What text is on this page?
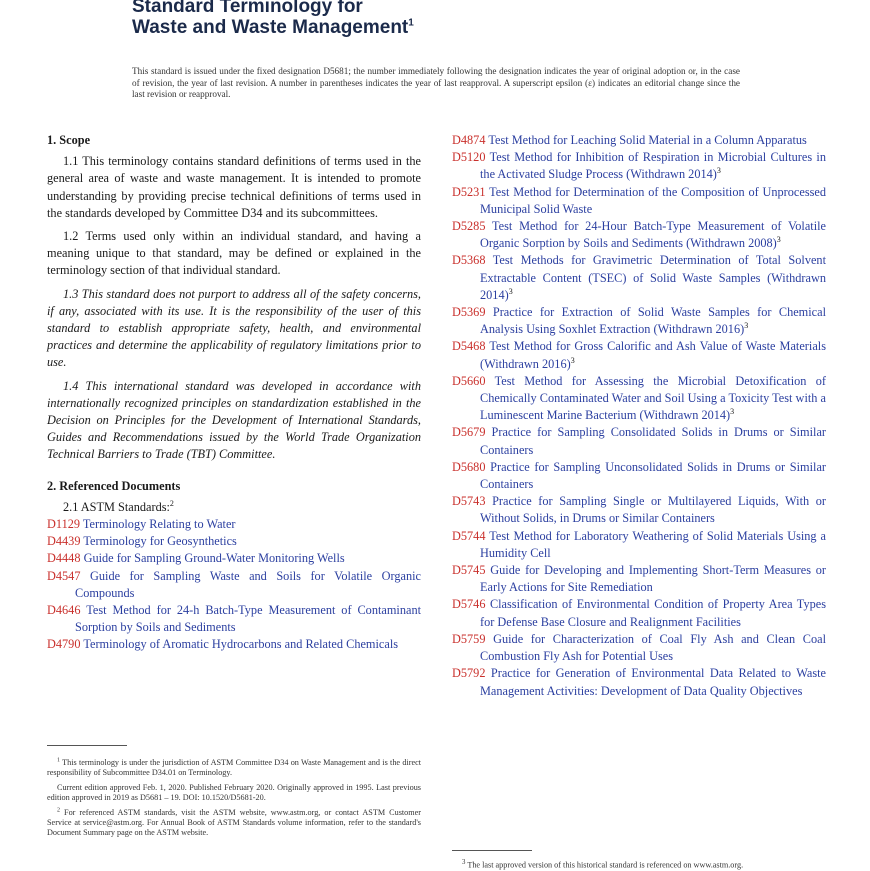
Standard Terminology for
Waste and Waste Management$^1$
This standard is issued under the fixed designation D5681; the number immediately following the designation indicates the year of original adoption or, in the case of revision, the year of last revision. A number in parentheses indicates the year of last reapproval. A superscript epsilon (ε) indicates an editorial change since the last revision or reapproval.
1. Scope

1.1 This terminology contains standard definitions of terms used in the general area of waste and waste management. It is intended to promote understanding by providing precise technical definitions of terms used in the standards developed by Committee D34 and its subcommittees.

1.2 Terms used only within an individual standard, and having a meaning unique to that standard, may be defined or explained in the terminology section of that individual standard.

1.3 This standard does not purport to address all of the safety concerns, if any, associated with its use. It is the responsibility of the user of this standard to establish appropriate safety, health, and environmental practices and determine the applicability of regulatory limitations prior to use.

1.4 This international standard was developed in accordance with internationally recognized principles on standardization established in the Decision on Principles for the Development of International Standards, Guides and Recommendations issued by the World Trade Organization Technical Barriers to Trade (TBT) Committee.

2. Referenced Documents

2.1 ASTM Standards:$^2$

D1129 Terminology Relating to Water

D4439 Terminology for Geosynthetics

D4448 Guide for Sampling Ground-Water Monitoring Wells

D4547 Guide for Sampling Waste and Soils for Volatile Organic Compounds

D4646 Test Method for 24-h Batch-Type Measurement of Contaminant Sorption by Soils and Sediments

D4790 Terminology of Aromatic Hydrocarbons and Related Chemicals

D4874 Test Method for Leaching Solid Material in a Column Apparatus

D5120 Test Method for Inhibition of Respiration in Microbial Cultures in the Activated Sludge Process (Withdrawn 2014)$^3$

D5231 Test Method for Determination of the Composition of Unprocessed Municipal Solid Waste

D5285 Test Method for 24-Hour Batch-Type Measurement of Volatile Organic Sorption by Soils and Sediments (Withdrawn 2008)$^3$

D5368 Test Methods for Gravimetric Determination of Total Solvent Extractable Content (TSEC) of Solid Waste Samples (Withdrawn 2014)$^3$

D5369 Practice for Extraction of Solid Waste Samples for Chemical Analysis Using Soxhlet Extraction (Withdrawn 2016)$^3$

D5468 Test Method for Gross Calorific and Ash Value of Waste Materials (Withdrawn 2016)$^3$

D5660 Test Method for Assessing the Microbial Detoxification of Chemically Contaminated Water and Soil Using a Toxicity Test with a Luminescent Marine Bacterium (Withdrawn 2014)$^3$

D5679 Practice for Sampling Consolidated Solids in Drums or Similar Containers

D5680 Practice for Sampling Unconsolidated Solids in Drums or Similar Containers

D5743 Practice for Sampling Single or Multilayered Liquids, With or Without Solids, in Drums or Similar Containers

D5744 Test Method for Laboratory Weathering of Solid Materials Using a Humidity Cell

D5745 Guide for Developing and Implementing Short-Term Measures or Early Actions for Site Remediation

D5746 Classification of Environmental Condition of Property Area Types for Defense Base Closure and Realignment Facilities

D5759 Guide for Characterization of Coal Fly Ash and Clean Coal Combustion Fly Ash for Potential Uses

D5792 Practice for Generation of Environmental Data Related to Waste Management Activities: Development of Data Quality Objectives

$^1$ This terminology is under the jurisdiction of ASTM Committee D34 on Waste Management and is the direct responsibility of Subcommittee D34.01 on Terminology.

Current edition approved Feb. 1, 2020. Published February 2020. Originally approved in 1995. Last previous edition approved in 2019 as D5681 – 19. DOI: 10.1520/D5681-20.

$^2$ For referenced ASTM standards, visit the ASTM website, www.astm.org, or contact ASTM Customer Service at service@astm.org. For Annual Book of ASTM Standards volume information, refer to the standard's Document Summary page on the ASTM website.

$^3$ The last approved version of this historical standard is referenced on www.astm.org.
